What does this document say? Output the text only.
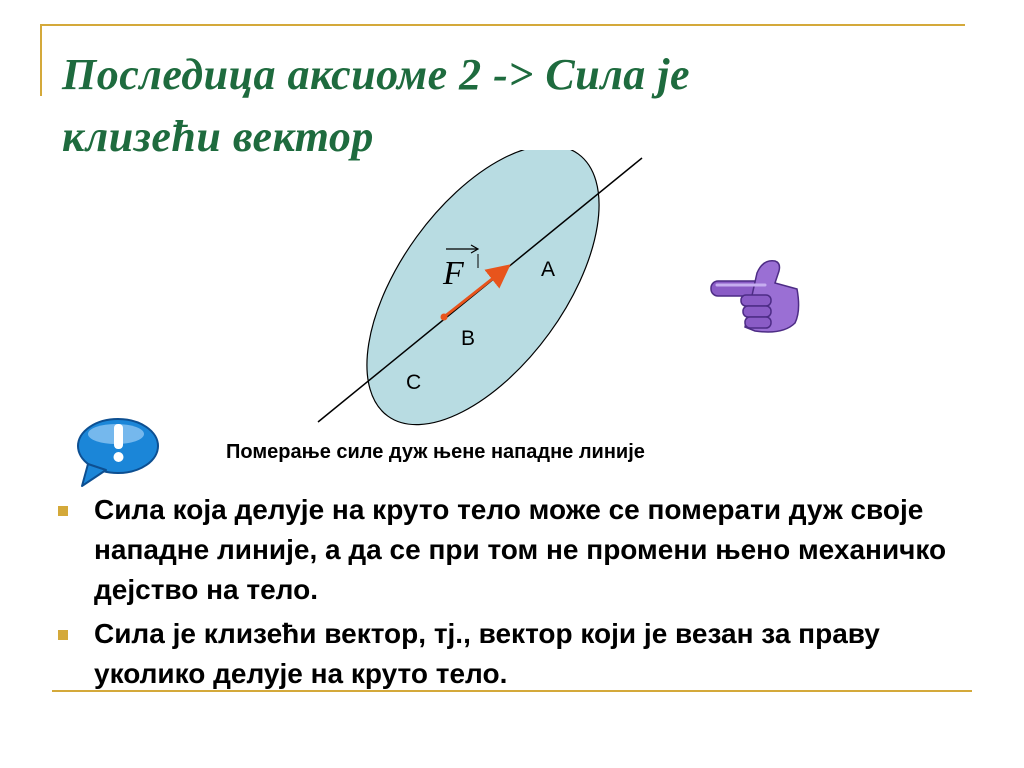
Последица аксиоме 2 -> Сила је
клизећи вектор
F	A
B
C
Померање силе дуж њене нападне линије
Сила која делује на круто тело може се померати дуж своје нападне линије, а да се при том не промени њено механичко дејство на тело.
Сила је клизећи вектор, тј., вектор који је везан за праву уколико делује на круто тело.
